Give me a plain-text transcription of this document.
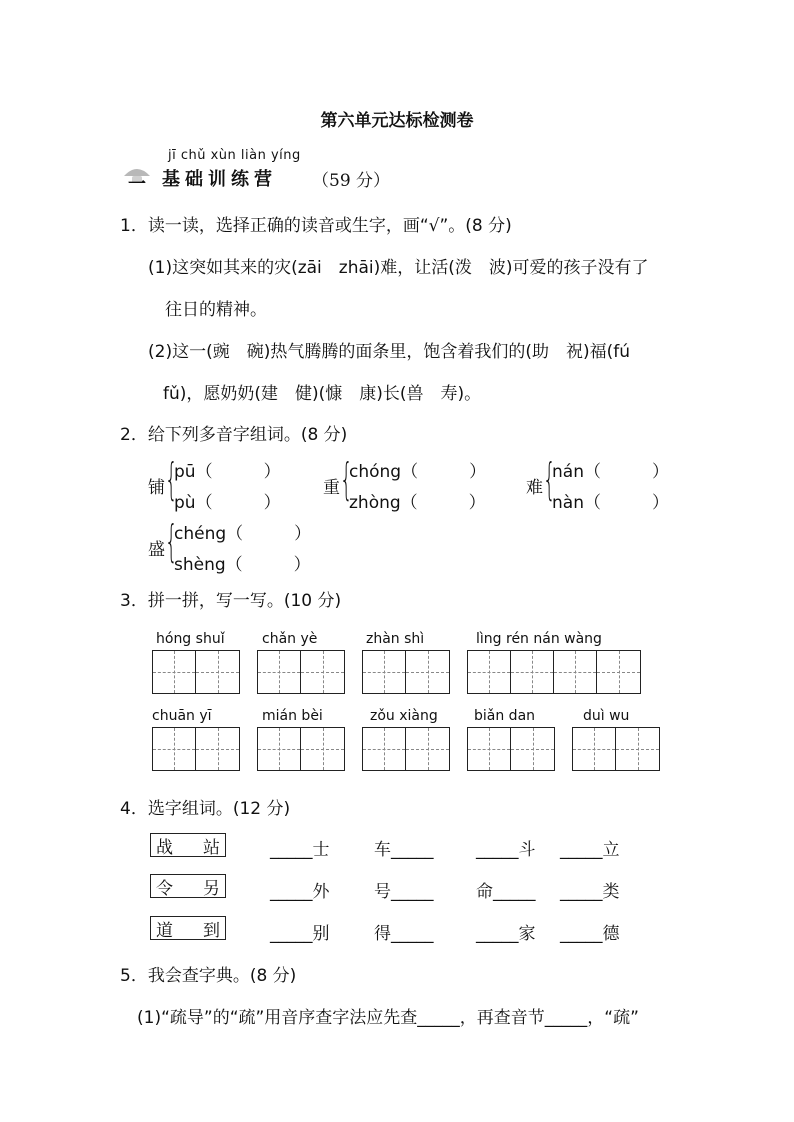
第六单元达标检测卷
一
jī chǔ xùn liàn yíng
基础训练营 （59 分）
1．读一读，选择正确的读音或生字，画“√”。(8 分)
(1)这突如其来的灾(zāi　zhāi)难，让活(泼　波)可爱的孩子没有了
往日的精神。
(2)这一(豌　碗)热气腾腾的面条里，饱含着我们的(助　祝)福(fú
fǔ)，愿奶奶(建　健)(慷　康)长(兽　寿)。
2．给下列多音字组词。(8 分)
铺 {
pū（　　　）
pù（　　　）
重 {
chóng（　　　）
zhòng（　　　）
难 {
nán（　　　）
nàn（　　　）
盛 {
chéng（　　　）
shèng（　　　）
3．拼一拼，写一写。(10 分)
hóng shuǐ	chǎn yè	zhàn shì	lìng rén nán wàng
chuān yī	mián bèi	zǒu xiàng	biǎn dan	duì wu
4．选字组词。(12 分)
战 站	_____士	车_____	_____斗 _____立
令 另	_____外	号_____	命_____ _____类
道 到	_____别	得_____	_____家 _____德
5．我会查字典。(8 分)
(1)“疏导”的“疏”用音序查字法应先查_____，再查音节_____，“疏”
